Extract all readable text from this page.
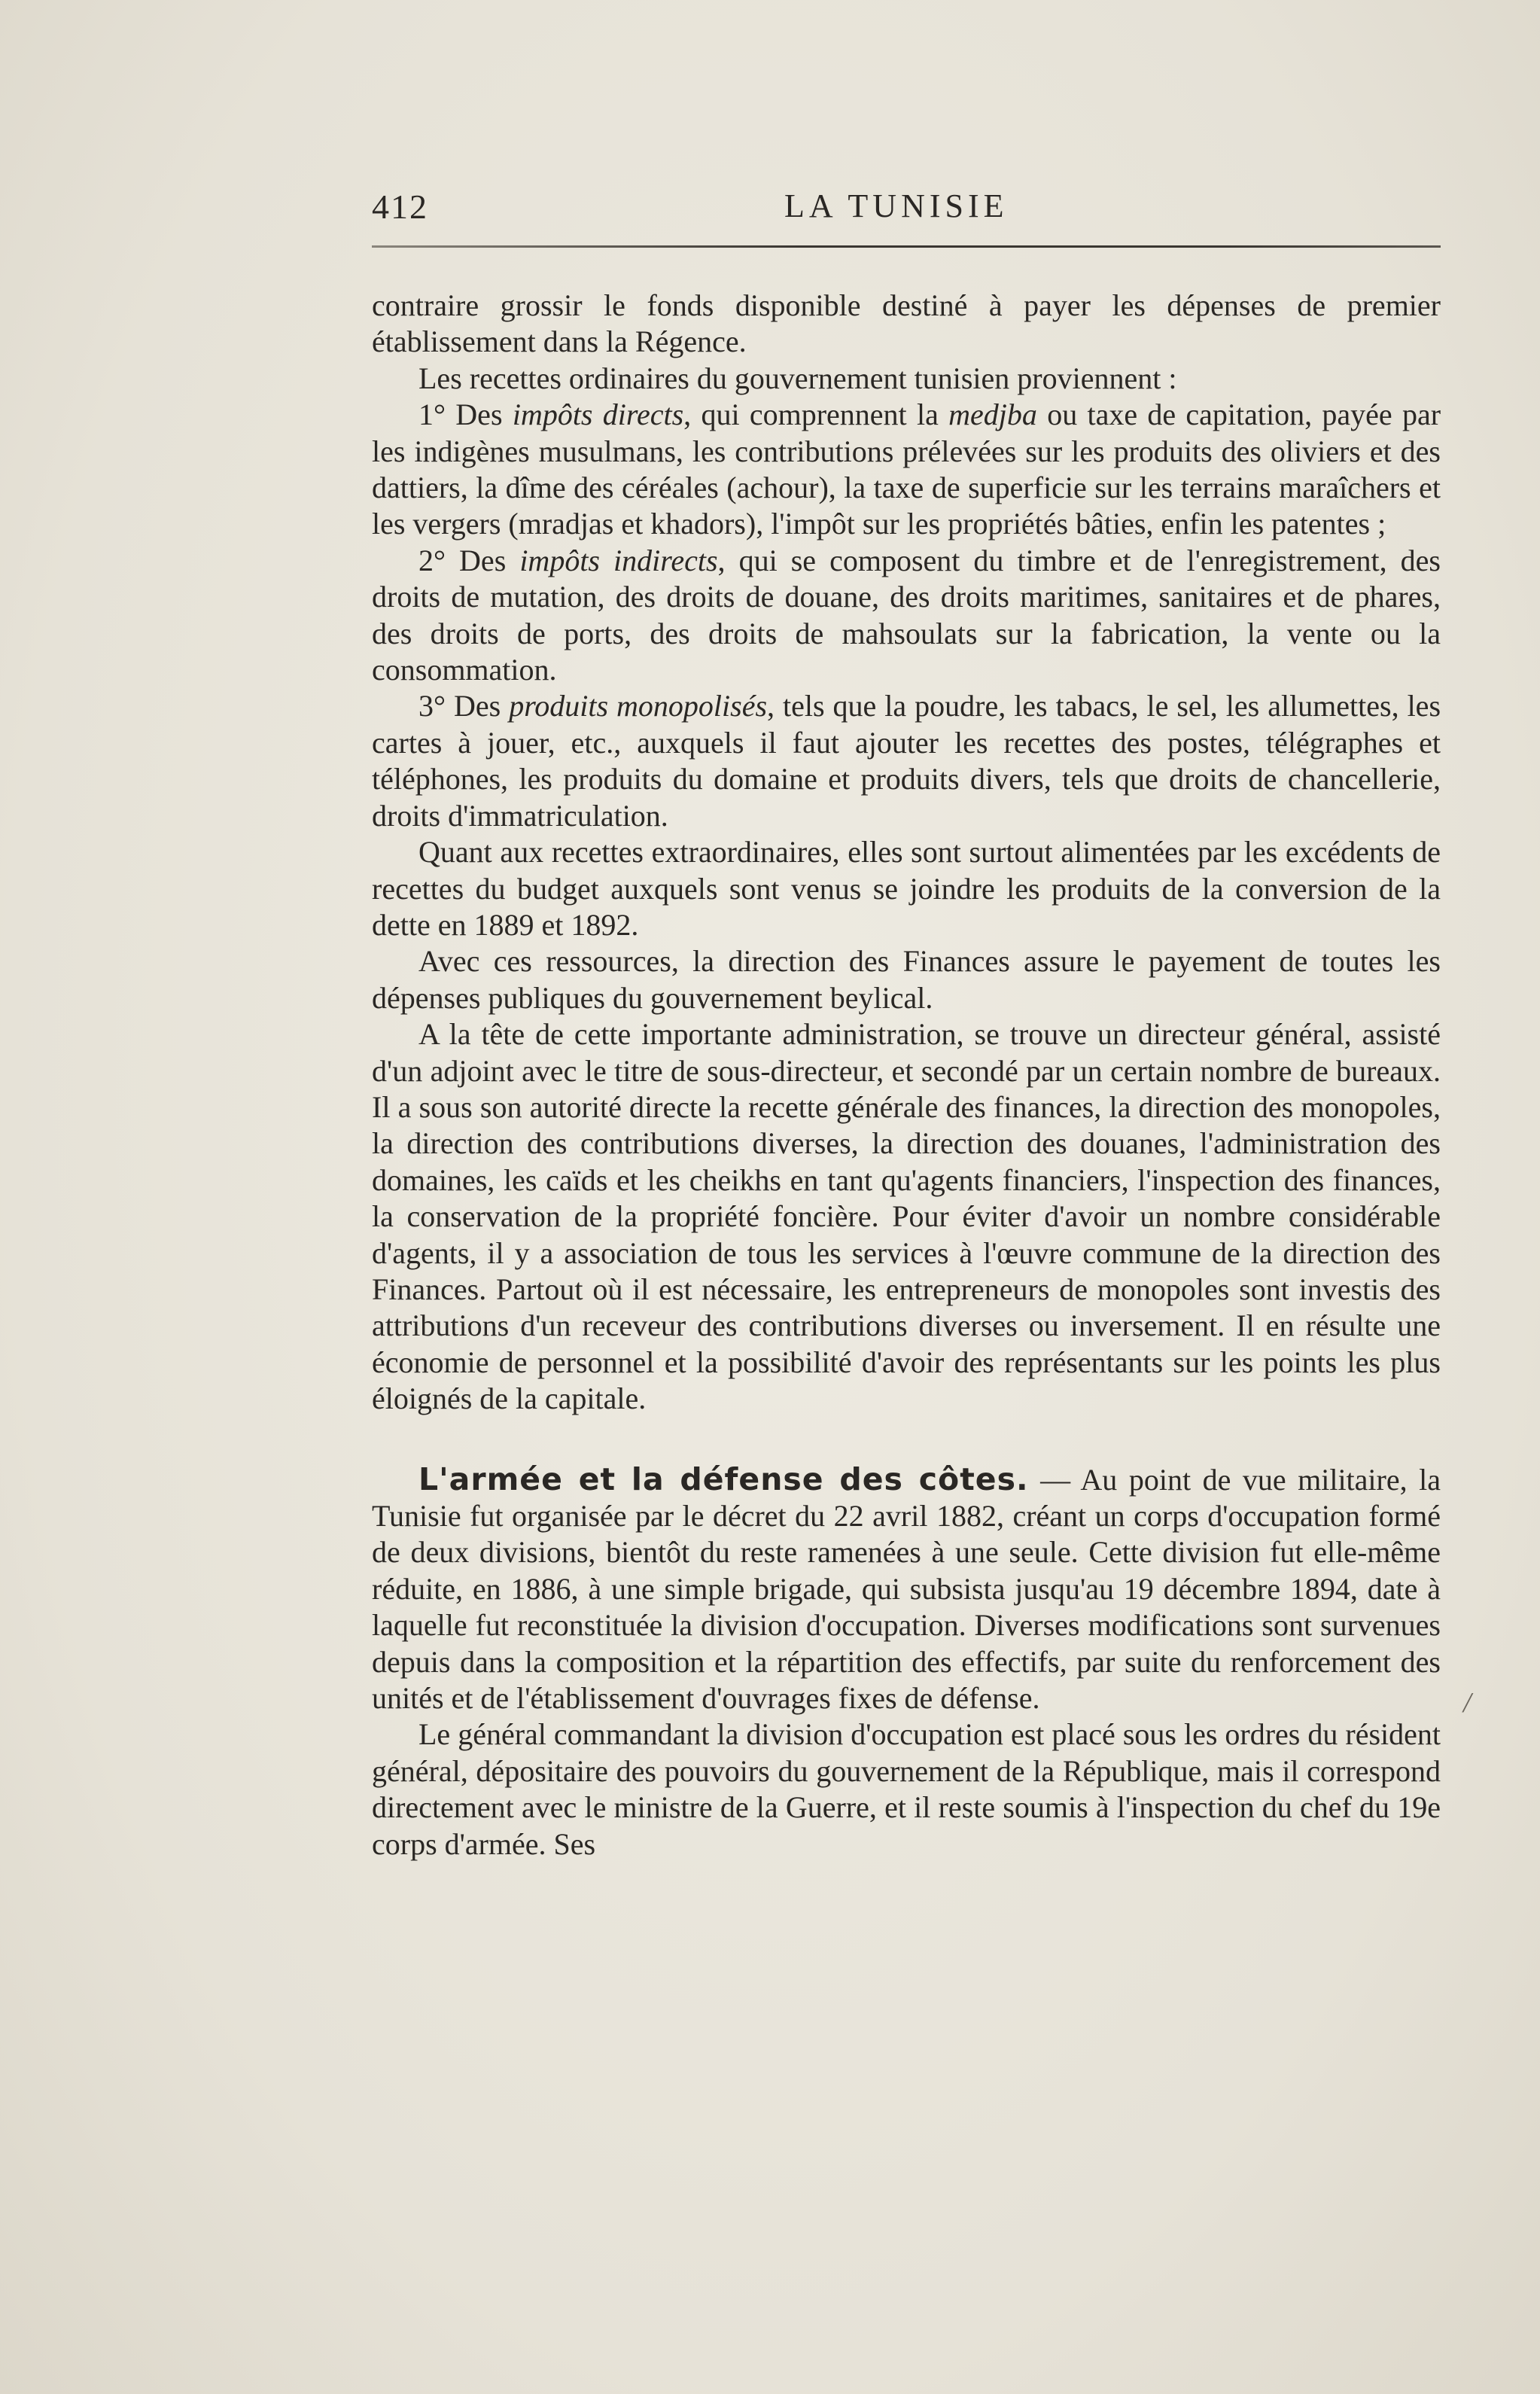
412	LA TUNISIE

contraire grossir le fonds disponible destiné à payer les dépenses de premier établissement dans la Régence.

Les recettes ordinaires du gouvernement tunisien proviennent :

1° Des impôts directs, qui comprennent la medjba ou taxe de capitation, payée par les indigènes musulmans, les contributions prélevées sur les produits des oliviers et des dattiers, la dîme des céréales (achour), la taxe de superficie sur les terrains maraîchers et les vergers (mradjas et khadors), l'impôt sur les propriétés bâties, enfin les patentes ;

2° Des impôts indirects, qui se composent du timbre et de l'enregistrement, des droits de mutation, des droits de douane, des droits maritimes, sanitaires et de phares, des droits de ports, des droits de mahsoulats sur la fabrication, la vente ou la consommation.

3° Des produits monopolisés, tels que la poudre, les tabacs, le sel, les allumettes, les cartes à jouer, etc., auxquels il faut ajouter les recettes des postes, télégraphes et téléphones, les produits du domaine et produits divers, tels que droits de chancellerie, droits d'immatriculation.

Quant aux recettes extraordinaires, elles sont surtout alimentées par les excédents de recettes du budget auxquels sont venus se joindre les produits de la conversion de la dette en 1889 et 1892.

Avec ces ressources, la direction des Finances assure le payement de toutes les dépenses publiques du gouvernement beylical.

A la tête de cette importante administration, se trouve un directeur général, assisté d'un adjoint avec le titre de sous-directeur, et secondé par un certain nombre de bureaux. Il a sous son autorité directe la recette générale des finances, la direction des monopoles, la direction des contributions diverses, la direction des douanes, l'administration des domaines, les caïds et les cheikhs en tant qu'agents financiers, l'inspection des finances, la conservation de la propriété foncière. Pour éviter d'avoir un nombre considérable d'agents, il y a association de tous les services à l'œuvre commune de la direction des Finances. Partout où il est nécessaire, les entrepreneurs de monopoles sont investis des attributions d'un receveur des contributions diverses ou inversement. Il en résulte une économie de personnel et la possibilité d'avoir des représentants sur les points les plus éloignés de la capitale.

L'armée et la défense des côtes. — Au point de vue militaire, la Tunisie fut organisée par le décret du 22 avril 1882, créant un corps d'occupation formé de deux divisions, bientôt du reste ramenées à une seule. Cette division fut elle-même réduite, en 1886, à une simple brigade, qui subsista jusqu'au 19 décembre 1894, date à laquelle fut reconstituée la division d'occupation. Diverses modifications sont survenues depuis dans la composition et la répartition des effectifs, par suite du renforcement des unités et de l'établissement d'ouvrages fixes de défense.

Le général commandant la division d'occupation est placé sous les ordres du résident général, dépositaire des pouvoirs du gouvernement de la République, mais il correspond directement avec le ministre de la Guerre, et il reste soumis à l'inspection du chef du 19e corps d'armée. Ses

/
